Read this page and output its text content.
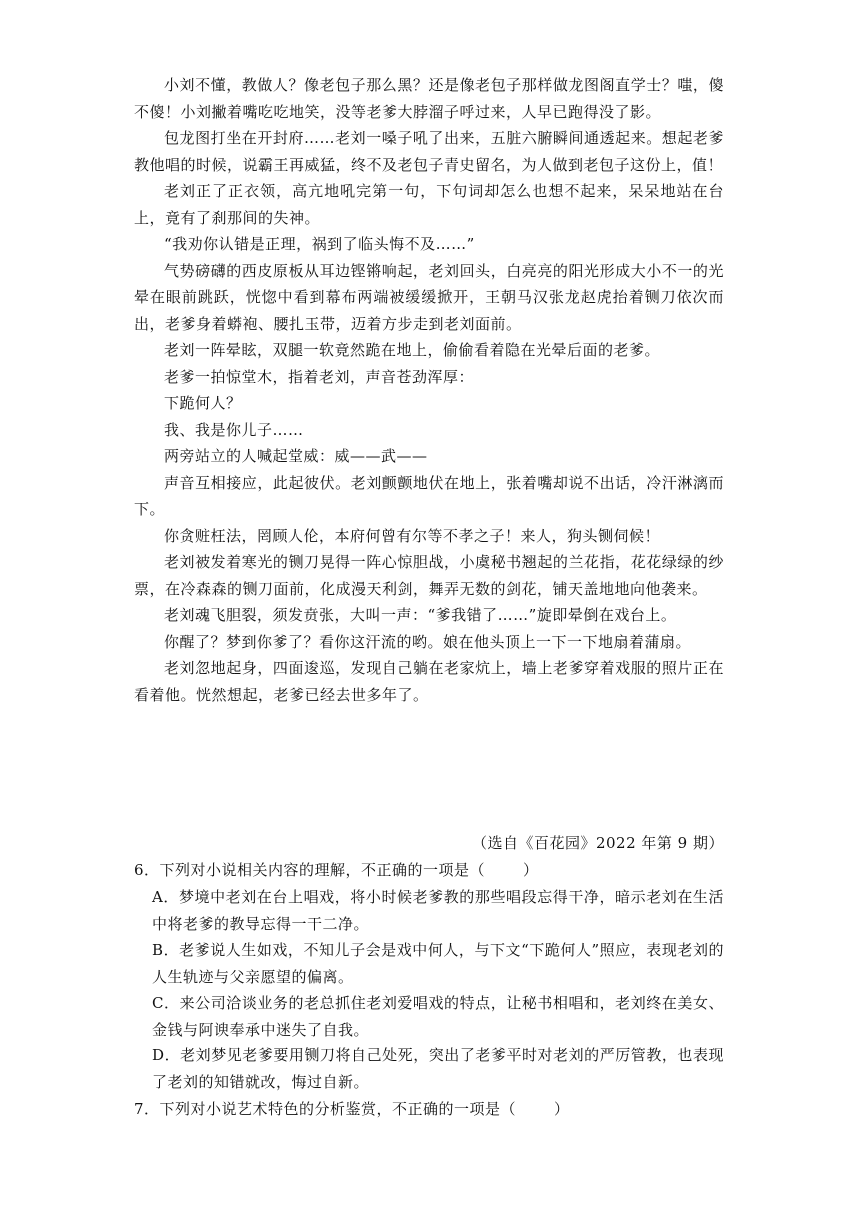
小刘不懂，教做人？像老包子那么黑？还是像老包子那样做龙图阁直学士？嗤，傻不傻！小刘撇着嘴吃吃地笑，没等老爹大脖溜子呼过来，人早已跑得没了影。

包龙图打坐在开封府……老刘一嗓子吼了出来，五脏六腑瞬间通透起来。想起老爹教他唱的时候，说霸王再威猛，终不及老包子青史留名，为人做到老包子这份上，值！

老刘正了正衣领，高亢地吼完第一句，下句词却怎么也想不起来，呆呆地站在台上，竟有了刹那间的失神。

“我劝你认错是正理，祸到了临头悔不及……”

气势磅礴的西皮原板从耳边铿锵响起，老刘回头，白亮亮的阳光形成大小不一的光晕在眼前跳跃，恍惚中看到幕布两端被缓缓掀开，王朝马汉张龙赵虎抬着铡刀依次而出，老爹身着蟒袍、腰扎玉带，迈着方步走到老刘面前。

老刘一阵晕眩，双腿一软竟然跪在地上，偷偷看着隐在光晕后面的老爹。

老爹一拍惊堂木，指着老刘，声音苍劲浑厚：

下跪何人？

我、我是你儿子……

两旁站立的人喊起堂威：威——武——

声音互相接应，此起彼伏。老刘颤颤地伏在地上，张着嘴却说不出话，冷汗淋漓而下。

你贪赃枉法，罔顾人伦，本府何曾有尔等不孝之子！来人，狗头铡伺候！

老刘被发着寒光的铡刀晃得一阵心惊胆战，小虞秘书翘起的兰花指，花花绿绿的纱票，在冷森森的铡刀面前，化成漫天利剑，舞弄无数的剑花，铺天盖地地向他袭来。

老刘魂飞胆裂，须发贲张，大叫一声：“爹我错了……”旋即晕倒在戏台上。

你醒了？梦到你爹了？看你这汗流的哟。娘在他头顶上一下一下地扇着蒲扇。

老刘忽地起身，四面逡巡，发现自己躺在老家炕上，墙上老爹穿着戏服的照片正在看着他。恍然想起，老爹已经去世多年了。

（选自《百花园》2022 年第 9 期）
6．下列对小说相关内容的理解，不正确的一项是（	）
A．梦境中老刘在台上唱戏，将小时候老爹教的那些唱段忘得干净，暗示老刘在生活中将老爹的教导忘得一干二净。
B．老爹说人生如戏，不知儿子会是戏中何人，与下文“下跪何人”照应，表现老刘的人生轨迹与父亲愿望的偏离。
C．来公司洽谈业务的老总抓住老刘爱唱戏的特点，让秘书相唱和，老刘终在美女、金钱与阿谀奉承中迷失了自我。
D．老刘梦见老爹要用铡刀将自己处死，突出了老爹平时对老刘的严厉管教，也表现了老刘的知错就改，悔过自新。
7．下列对小说艺术特色的分析鉴赏，不正确的一项是（	）
